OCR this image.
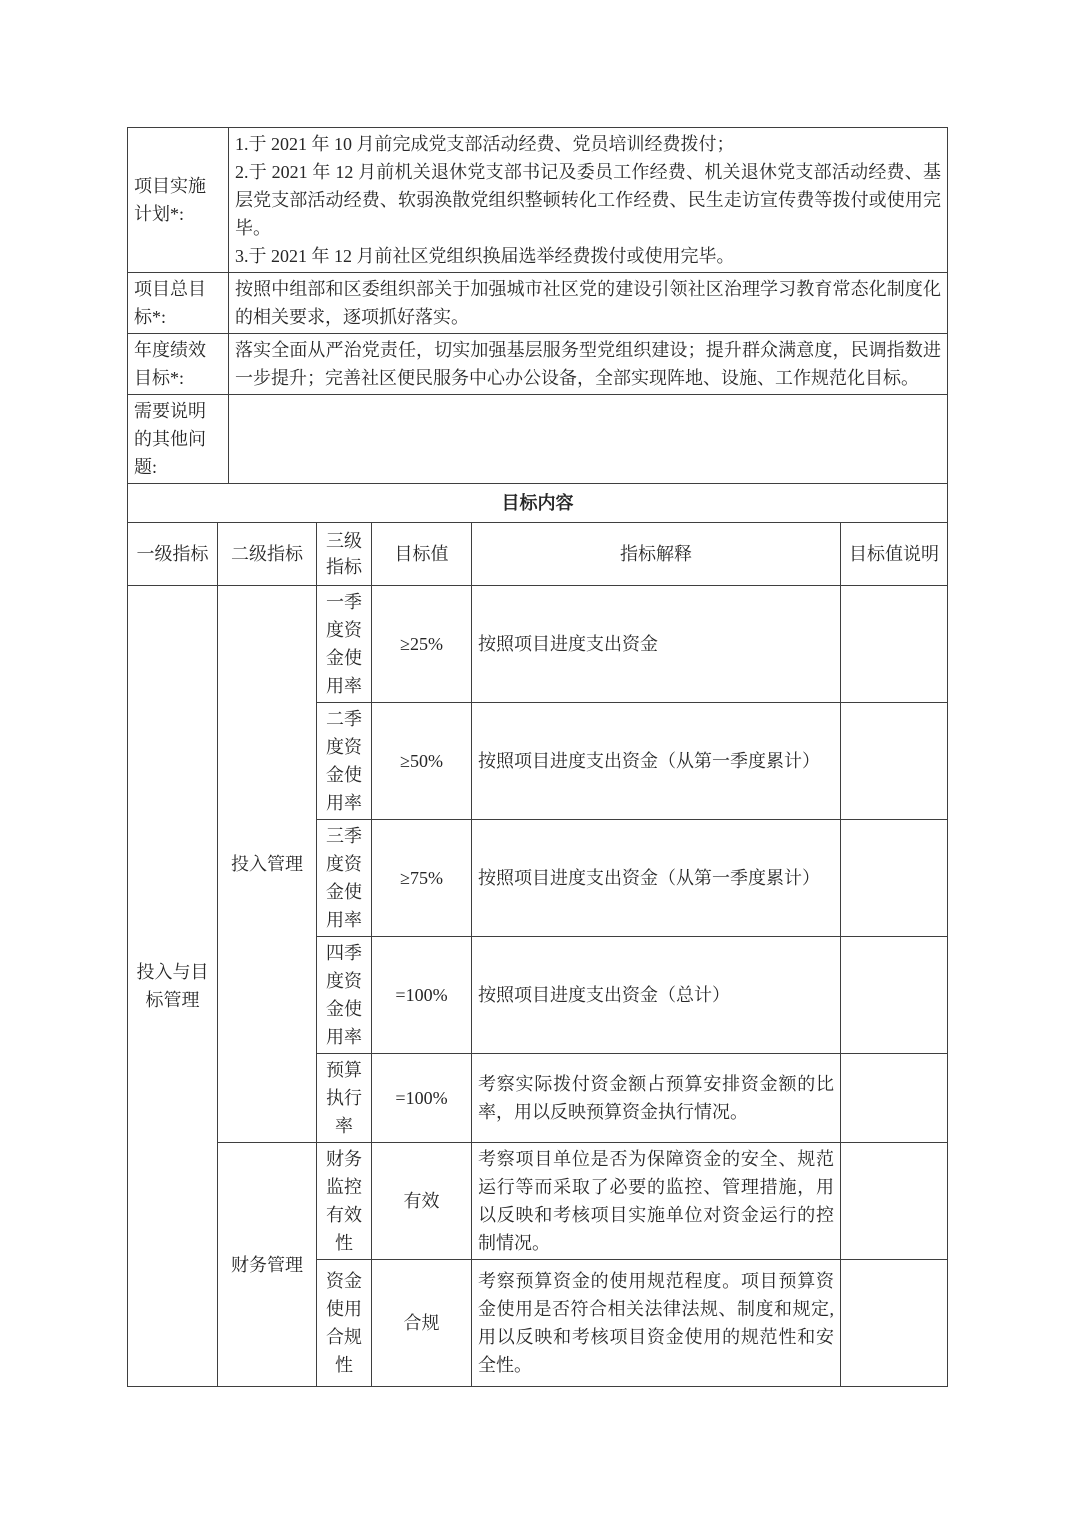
项目实施计划*:	1.于 2021 年 10 月前完成党支部活动经费、党员培训经费拨付；
2.于 2021 年 12 月前机关退休党支部书记及委员工作经费、机关退休党支部活动经费、基层党支部活动经费、软弱涣散党组织整顿转化工作经费、民生走访宣传费等拨付或使用完毕。
3.于 2021 年 12 月前社区党组织换届选举经费拨付或使用完毕。

项目总目标*:	按照中组部和区委组织部关于加强城市社区党的建设引领社区治理学习教育常态化制度化的相关要求，逐项抓好落实。

年度绩效目标*:	落实全面从严治党责任，切实加强基层服务型党组织建设；提升群众满意度，民调指数进一步提升；完善社区便民服务中心办公设备，全部实现阵地、设施、工作规范化目标。

需要说明的其他问题:	
目标内容					
一级指标	二级指标	三级指标	目标值	指标解释	目标值说明
投入与目标管理	投入管理	一季度资金使用率	≥25%	按照项目进度支出资金	
		二季度资金使用率	≥50%	按照项目进度支出资金（从第一季度累计）	
		三季度资金使用率	≥75%	按照项目进度支出资金（从第一季度累计）	
		四季度资金使用率	=100%	按照项目进度支出资金（总计）	
		预算执行率	=100%	考察实际拨付资金额占预算安排资金额的比率，用以反映预算资金执行情况。	
	财务管理	财务监控有效性	有效	考察项目单位是否为保障资金的安全、规范运行等而采取了必要的监控、管理措施，用以反映和考核项目实施单位对资金运行的控制情况。	
		资金使用合规性	合规	考察预算资金的使用规范程度。项目预算资金使用是否符合相关法律法规、制度和规定,用以反映和考核项目资金使用的规范性和安全性。	
